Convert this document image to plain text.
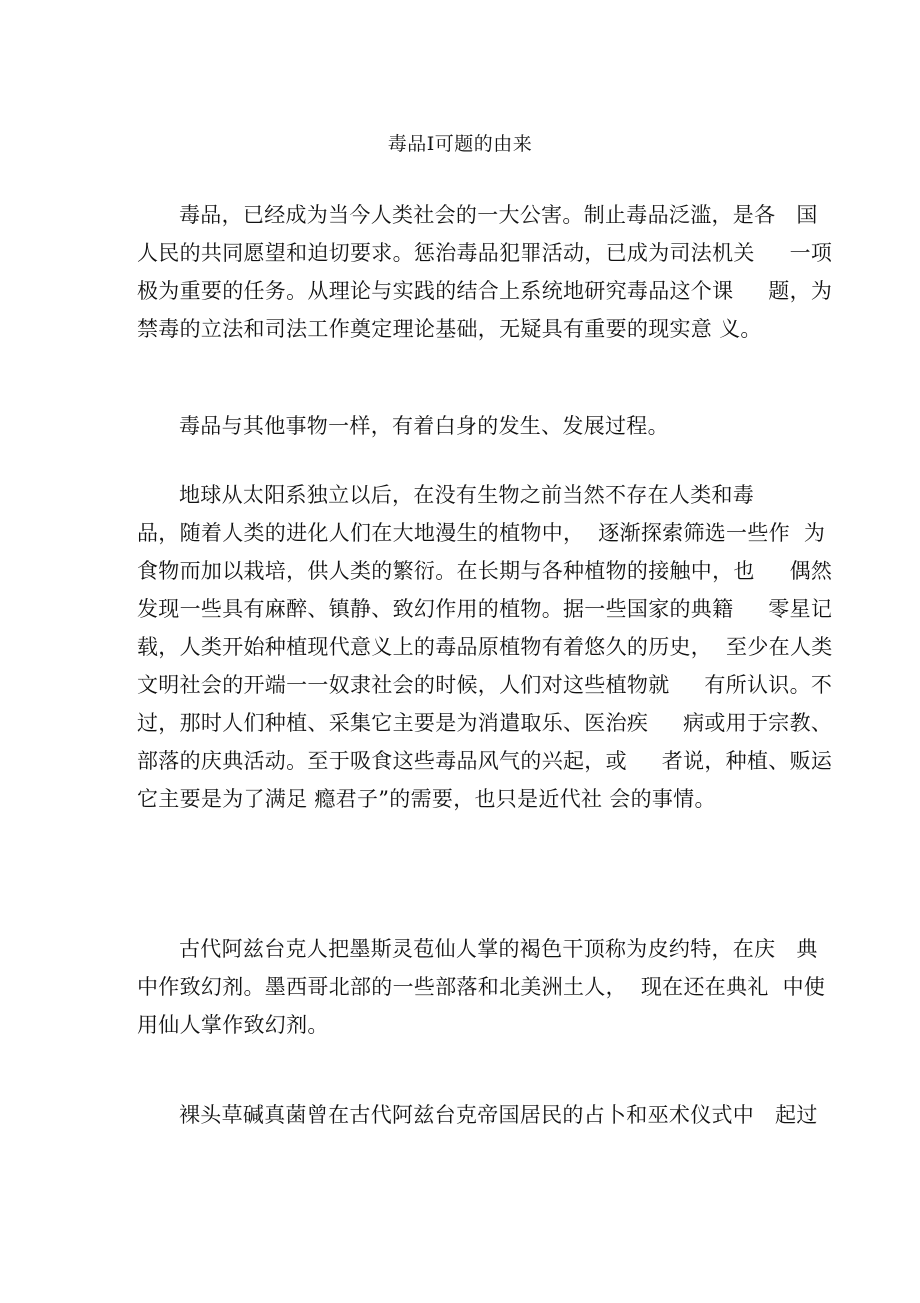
毒品I可题的由来
毒品，已经成为当今人类社会的一大公害。制止毒品泛滥，是各   国
人民的共同愿望和迫切要求。惩治毒品犯罪活动，已成为司法机关     一项
极为重要的任务。从理论与实践的结合上系统地研究毒品这个课     题，为
禁毒的立法和司法工作奠定理论基础，无疑具有重要的现实意 义。
毒品与其他事物一样，有着白身的发生、发展过程。
地球从太阳系独立以后，在没有生物之前当然不存在人类和毒
品，随着人类的进化人们在大地漫生的植物中，  逐渐探索筛选一些作  为
食物而加以栽培，供人类的繁衍。在长期与各种植物的接触中，也     偶然
发现一些具有麻醉、镇静、致幻作用的植物。据一些国家的典籍     零星记
载，人类开始种植现代意义上的毒品原植物有着悠久的历史，  至少在人类
文明社会的开端一一奴隶社会的时候，人们对这些植物就     有所认识。不
过，那时人们种植、采集它主要是为消遣取乐、医治疾     病或用于宗教、
部落的庆典活动。至于吸食这些毒品风气的兴起，或     者说，种植、贩运
它主要是为了满足 瘾君子”的需要，也只是近代社 会的事情。
古代阿兹台克人把墨斯灵苞仙人掌的褐色干顶称为皮约特，在庆   典
中作致幻剂。墨西哥北部的一些部落和北美洲土人，  现在还在典礼  中使
用仙人掌作致幻剂。
裸头草碱真菌曾在古代阿兹台克帝国居民的占卜和巫术仪式中   起过
